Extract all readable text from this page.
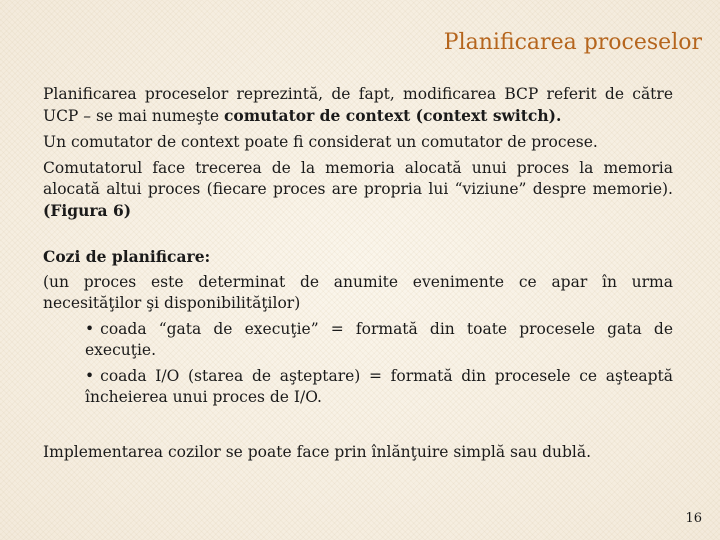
Planificarea proceselor

Planificarea proceselor reprezintă, de fapt, modificarea BCP referit de către UCP – se mai numeşte comutator de context (context switch).

Un comutator de context poate fi considerat un comutator de procese.

Comutatorul face trecerea de la memoria alocată unui proces la memoria alocată altui proces (fiecare proces are propria lui “viziune” despre memorie). (Figura 6)

Cozi de planificare:

(un proces este determinat de anumite evenimente ce apar în urma necesităţilor şi disponibilităţilor)

• coada “gata de execuţie” = formată din toate procesele gata de execuţie.

• coada I/O (starea de aşteptare) = formată din procesele ce aşteaptă încheierea unui proces de I/O.

Implementarea cozilor se poate face prin înlănţuire simplă sau dublă.

16
